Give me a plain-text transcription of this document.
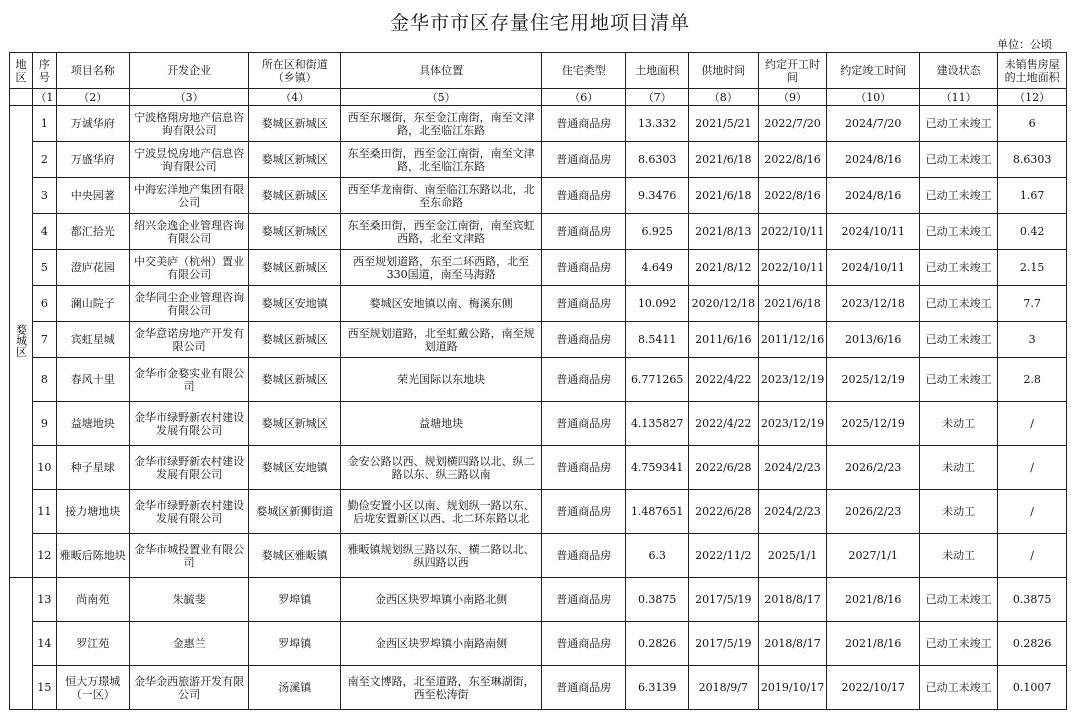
金华市市区存量住宅用地项目清单
单位：公顷
地区	序号	项目名称	开发企业	所在区和街道（乡镇）	具体位置	住宅类型	土地面积	供地时间	约定开工时间	约定竣工时间	建设状态	未销售房屋的土地面积
	（1	（2）	（3）	（4）	（5）	（6）	（7）	（8）	（9）	（10）	（11）	（12）
婺城区	1	万诚华府	宁波格翔房地产信息咨询有限公司	婺城区新城区	西至东堰街，东至金江南街，南至文津路，北至临江东路	普通商品房	13.332	2021/5/21	2022/7/20	2024/7/20	已动工未竣工	6
	2	万盛华府	宁波昱悦房地产信息咨询有限公司	婺城区新城区	东至桑田街，西至金江南街，南至文津路，北至临江东路	普通商品房	8.6303	2021/6/18	2022/8/16	2024/8/16	已动工未竣工	8.6303
	3	中央园著	中海宏洋地产集团有限公司	婺城区新城区	西至华龙南街、南至临江东路以北，北至东命路	普通商品房	9.3476	2021/6/18	2022/8/16	2024/8/16	已动工未竣工	1.67
	4	都汇拾光	绍兴金逸企业管理咨询有限公司	婺城区新城区	东至桑田街，西至金江南街，南至宾虹西路，北至文津路	普通商品房	6.925	2021/8/13	2022/10/11	2024/10/11	已动工未竣工	0.42
	5	澄庐花园	中交美庐（杭州）置业有限公司	婺城区新城区	西至规划道路，东至二环西路，北至330国道，南至马海路	普通商品房	4.649	2021/8/12	2022/10/11	2024/10/11	已动工未竣工	2.15
	6	澜山院子	金华同尘企业管理咨询有限公司	婺城区安地镇	婺城区安地镇以南、梅溪东侧	普通商品房	10.092	2020/12/18	2021/6/18	2023/12/18	已动工未竣工	7.7
	7	宾虹星城	金华意诺房地产开发有限公司	婺城区新城区	西至规划道路，北至虹戴公路，南至规划道路	普通商品房	8.5411	2011/6/16	2011/12/16	2013/6/16	已动工未竣工	3
	8	春风十里	金华市金婺实业有限公司	婺城区新城区	荣光国际以东地块	普通商品房	6.771265	2022/4/22	2023/12/19	2025/12/19	已动工未竣工	2.8
	9	益塘地块	金华市绿野新农村建设发展有限公司	婺城区新城区	益塘地块	普通商品房	4.135827	2022/4/22	2023/12/19	2025/12/19	未动工	/
	10	种子星球	金华市绿野新农村建设发展有限公司	婺城区安地镇	金安公路以西、规划横四路以北、纵二路以东、纵三路以南	普通商品房	4.759341	2022/6/28	2024/2/23	2026/2/23	未动工	/
	11	接力塘地块	金华市绿野新农村建设发展有限公司	婺城区新狮街道	勤俭安置小区以南、规划纵一路以东、后垅安置新区以西、北二环东路以北	普通商品房	1.487651	2022/6/28	2024/2/23	2026/2/23	未动工	/
	12	雅畈后陈地块	金华市城投置业有限公司	婺城区雅畈镇	雅畈镇规划纵三路以东、横二路以北、纵四路以西	普通商品房	6.3	2022/11/2	2025/1/1	2027/1/1	未动工	/
	13	尚南苑	朱毓斐	罗埠镇	金西区块罗埠镇小南路北侧	普通商品房	0.3875	2017/5/19	2018/8/17	2021/8/16	已动工未竣工	0.3875
	14	罗江苑	金惠兰	罗埠镇	金西区块罗埠镇小南路南侧	普通商品房	0.2826	2017/5/19	2018/8/17	2021/8/16	已动工未竣工	0.2826
	15	恒大万璟城（一区）	金华金西旅游开发有限公司	汤溪镇	南至文博路，北至道路，东至琳湖街，西至松涛街	普通商品房	6.3139	2018/9/7	2019/10/17	2022/10/17	已动工未竣工	0.1007
